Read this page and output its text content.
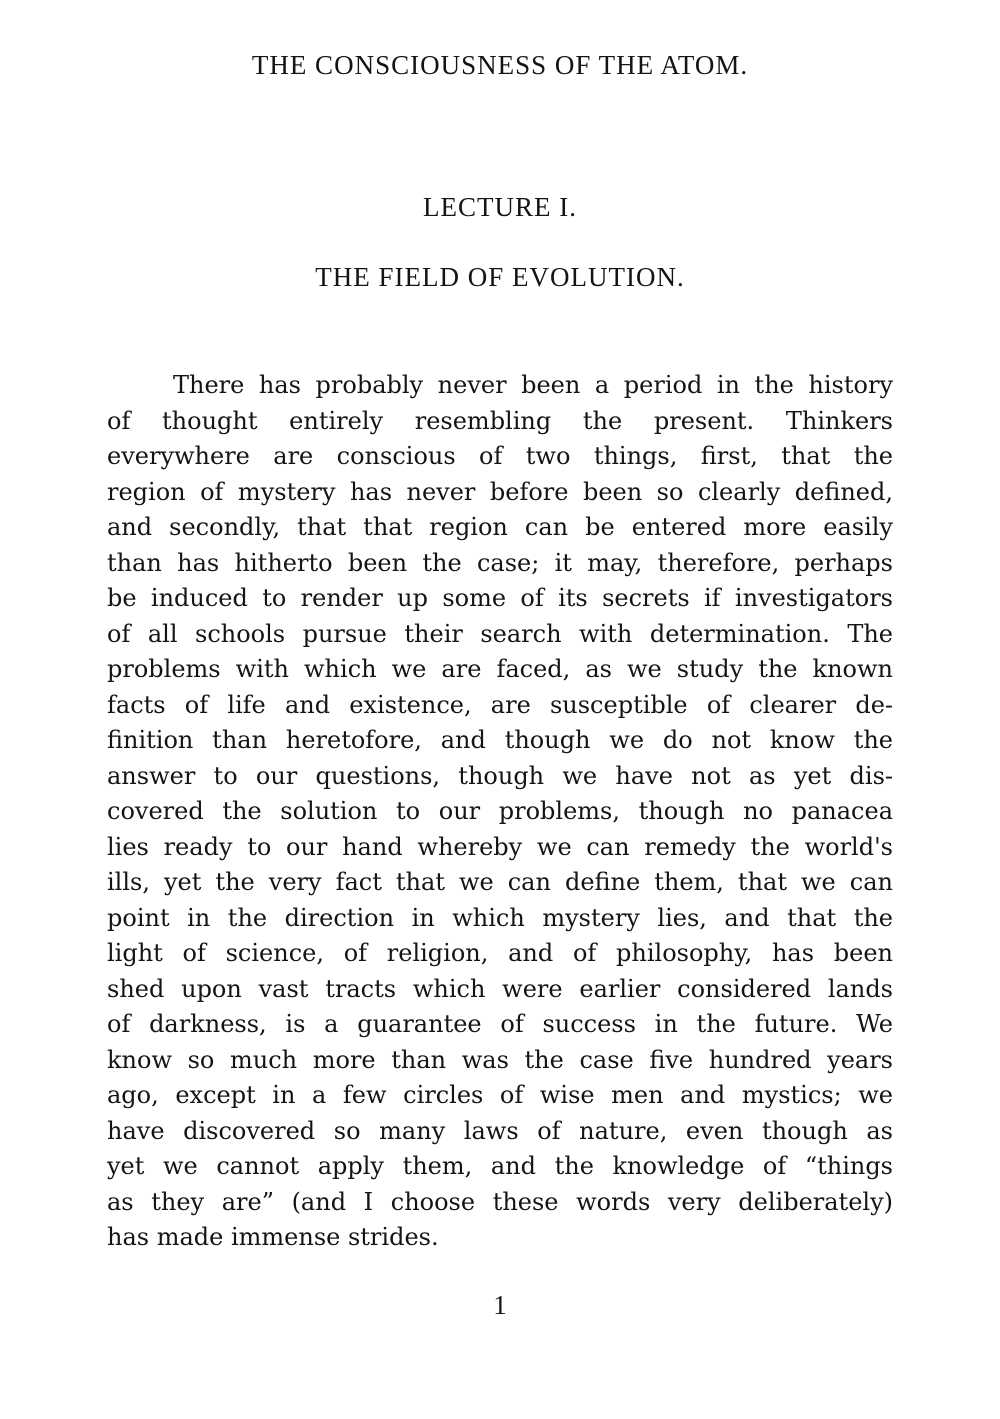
THE CONSCIOUSNESS OF THE ATOM.
LECTURE I.
THE FIELD OF EVOLUTION.
There has probably never been a period in the history
of thought entirely resembling the present. Thinkers
everywhere are conscious of two things, first, that the
region of mystery has never before been so clearly defined,
and secondly, that that region can be entered more easily
than has hitherto been the case; it may, therefore, perhaps
be induced to render up some of its secrets if investigators
of all schools pursue their search with determination. The
problems with which we are faced, as we study the known
facts of life and existence, are susceptible of clearer de-
finition than heretofore, and though we do not know the
answer to our questions, though we have not as yet dis-
covered the solution to our problems, though no panacea
lies ready to our hand whereby we can remedy the world's
ills, yet the very fact that we can define them, that we can
point in the direction in which mystery lies, and that the
light of science, of religion, and of philosophy, has been
shed upon vast tracts which were earlier considered lands
of darkness, is a guarantee of success in the future. We
know so much more than was the case five hundred years
ago, except in a few circles of wise men and mystics; we
have discovered so many laws of nature, even though as
yet we cannot apply them, and the knowledge of “things
as they are” (and I choose these words very deliberately)
has made immense strides.
1
